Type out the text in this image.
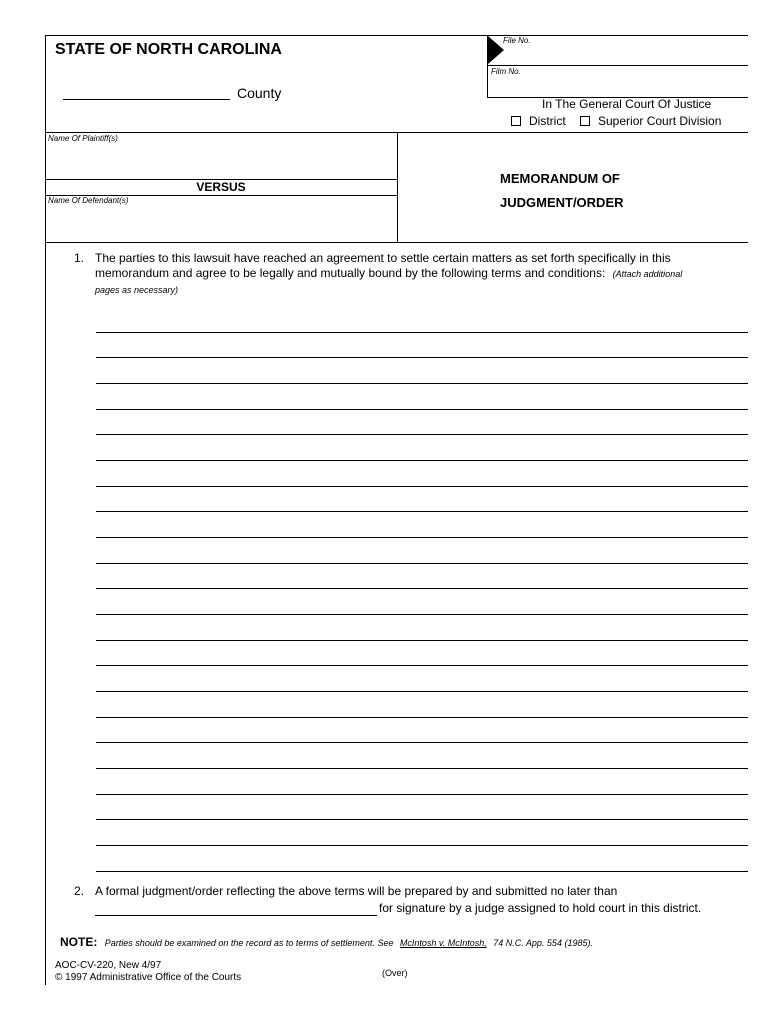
File No.
Film No.
STATE OF NORTH CAROLINA
County
In The General Court Of Justice
District	Superior Court Division
Name Of Plaintiff(s)
VERSUS
Name Of Defendant(s)
MEMORANDUM OF
JUDGMENT/ORDER
1. The parties to this lawsuit have reached an agreement to settle certain matters as set forth specifically in this
memorandum and agree to be legally and mutually bound by the following terms and conditions: (Attach additional
pages as necessary)
2. A formal judgment/order reflecting the above terms will be prepared by and submitted no later than
for signature by a judge assigned to hold court in this district.
NOTE: Parties should be examined on the record as to terms of settlement. See McIntosh v. McIntosh, 74 N.C. App. 554 (1985).
AOC-CV-220, New 4/97
© 1997 Administrative Office of the Courts	(Over)
